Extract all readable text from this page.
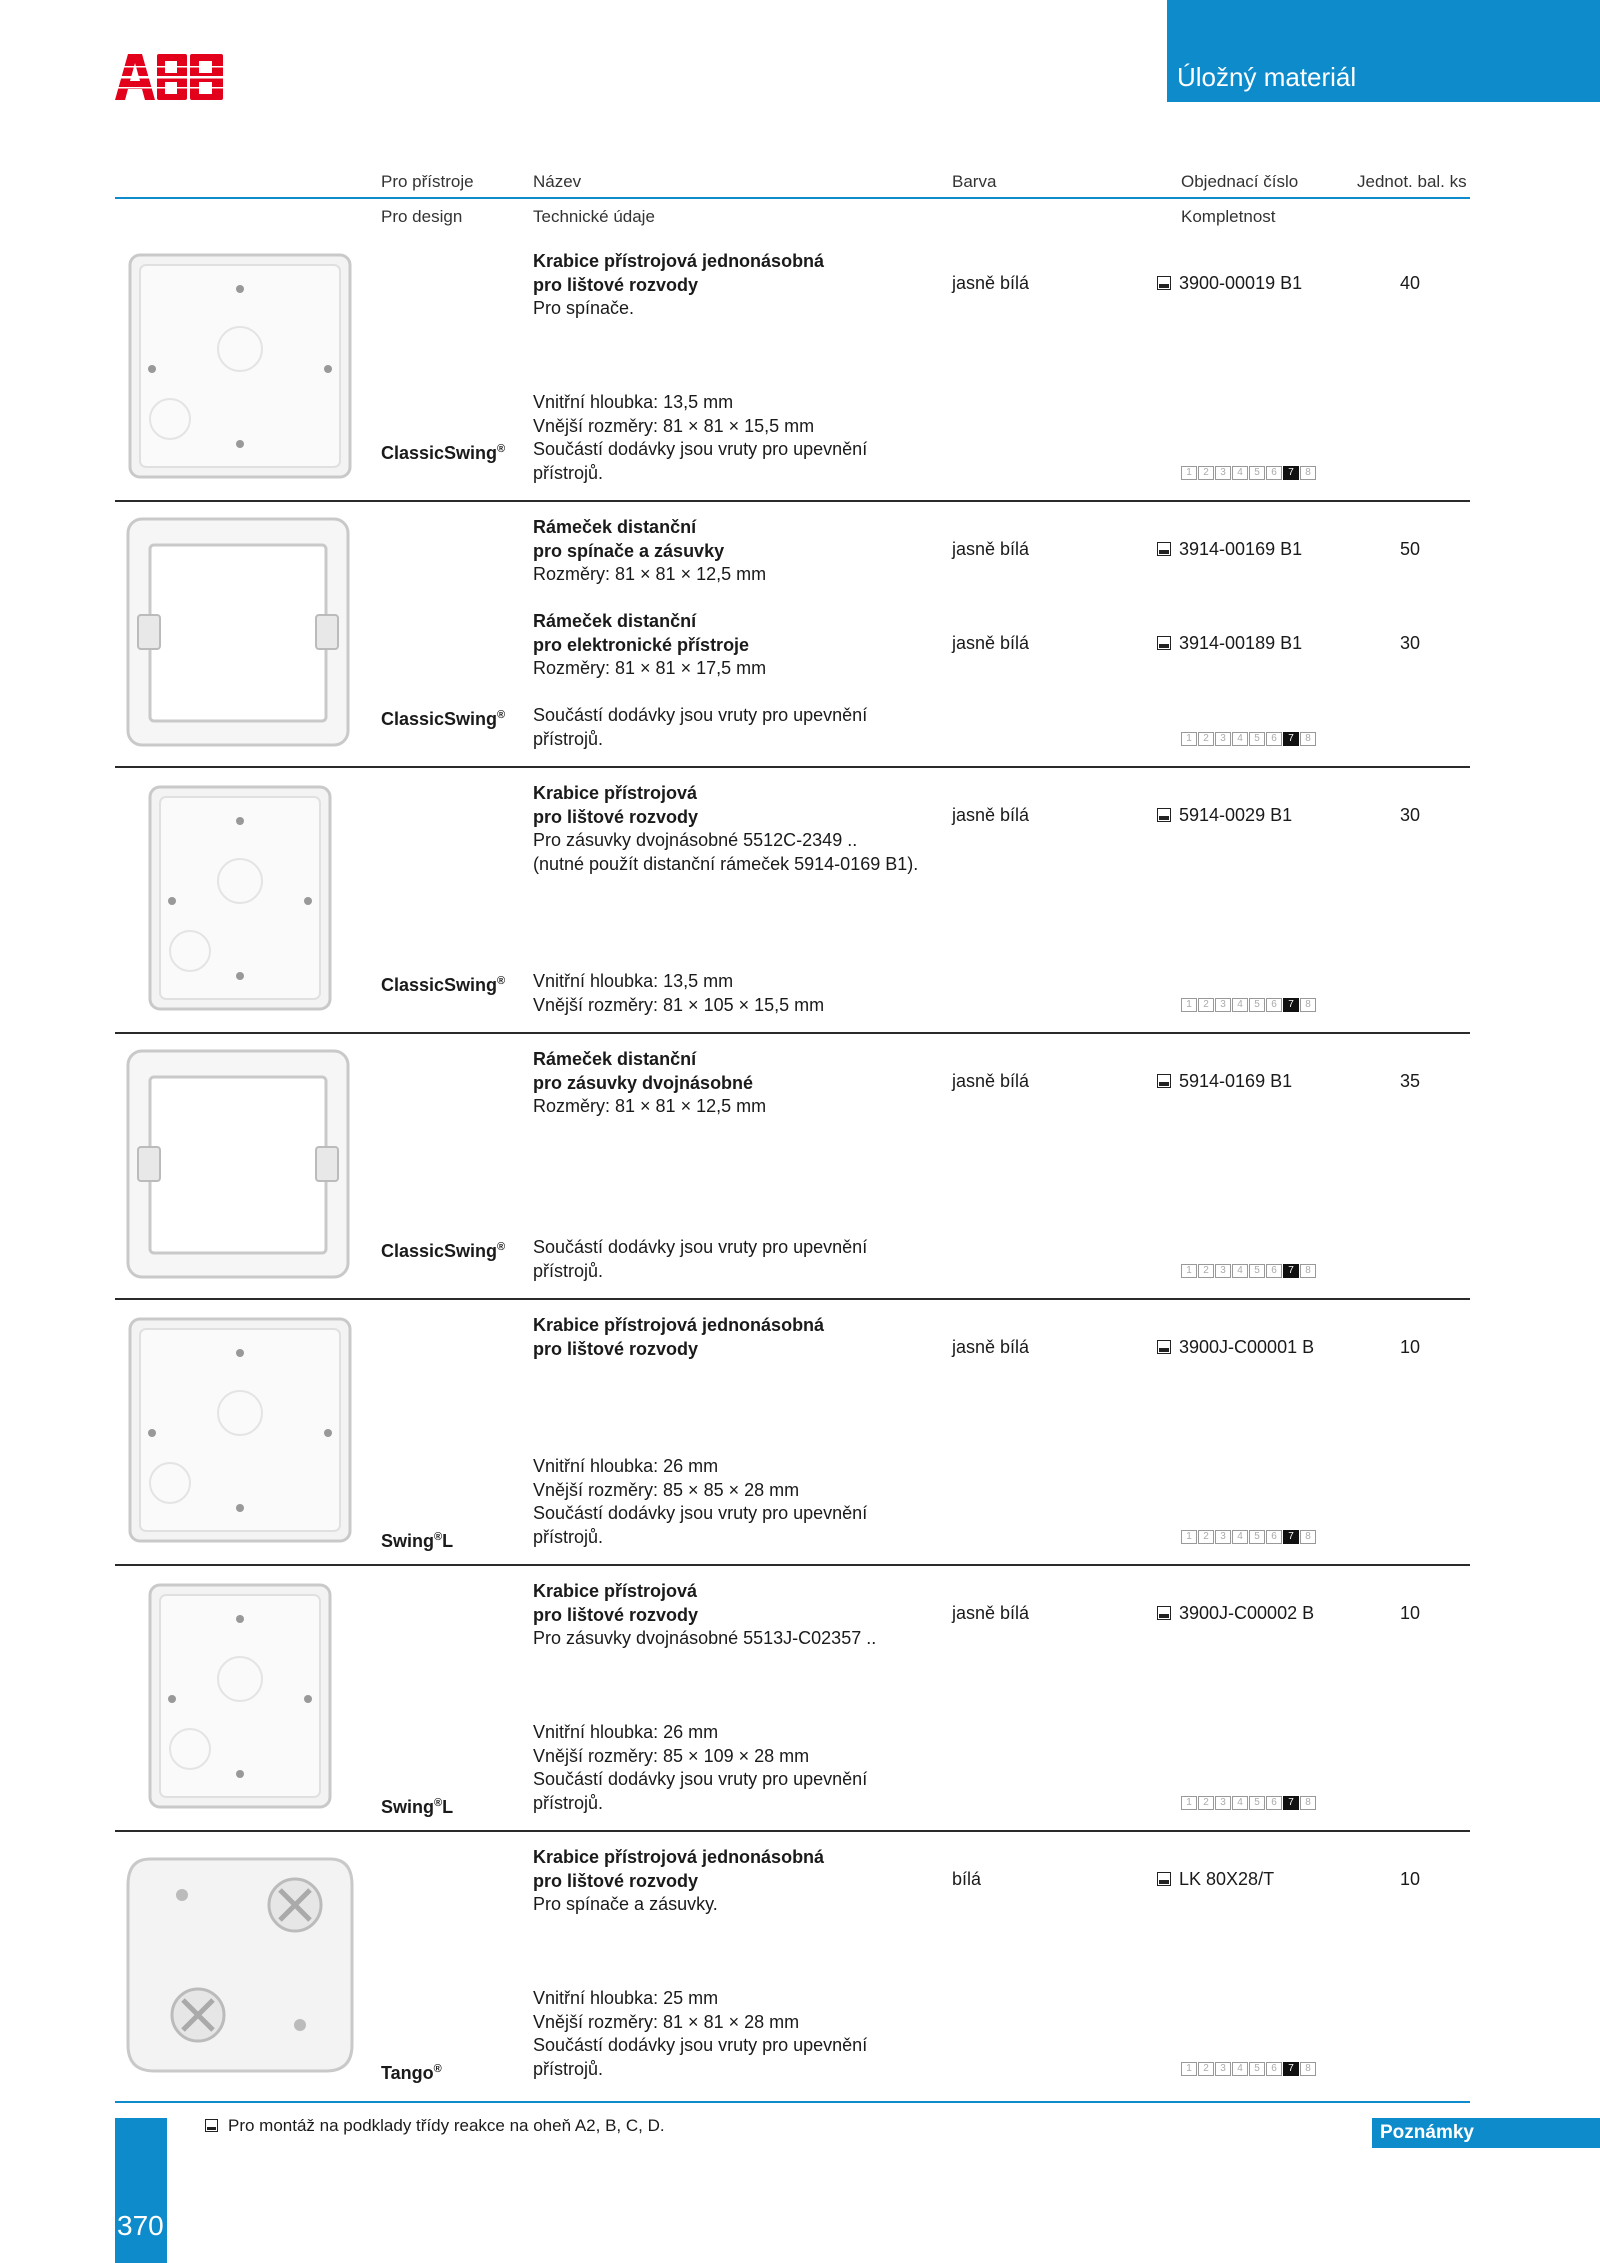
Úložný materiál
Pro přístroje	Název	Barva	Objednací číslo	Jednot. bal. ks
Pro design	Technické údaje	Kompletnost
Krabice přístrojová jednonásobná
pro lištové rozvody
Pro spínače.
jasně bílá	3900-00019 B1	40
Vnitřní hloubka: 13,5 mm
Vnější rozměry: 81 × 81 × 15,5 mm
Součástí dodávky jsou vruty pro upevnění
přístrojů.
ClassicSwing®
1	2	3	4	5	6	7	8
Rámeček distanční
pro spínače a zásuvky
Rozměry: 81 × 81 × 12,5 mm
jasně bílá	3914-00169 B1	50
Rámeček distanční
pro elektronické přístroje
Rozměry: 81 × 81 × 17,5 mm
jasně bílá	3914-00189 B1	30
Součástí dodávky jsou vruty pro upevnění
přístrojů.
ClassicSwing®
1	2	3	4	5	6	7	8
Krabice přístrojová
pro lištové rozvody
Pro zásuvky dvojnásobné 5512C-2349 ..
(nutné použít distanční rámeček 5914-0169 B1).
jasně bílá	5914-0029 B1	30
Vnitřní hloubka: 13,5 mm
Vnější rozměry: 81 × 105 × 15,5 mm
ClassicSwing®
1	2	3	4	5	6	7	8
Rámeček distanční
pro zásuvky dvojnásobné
Rozměry: 81 × 81 × 12,5 mm
jasně bílá	5914-0169 B1	35
Součástí dodávky jsou vruty pro upevnění
přístrojů.
ClassicSwing®
1	2	3	4	5	6	7	8
Krabice přístrojová jednonásobná
pro lištové rozvody	jasně bílá	3900J-C00001 B	10
Vnitřní hloubka: 26 mm
Vnější rozměry: 85 × 85 × 28 mm
Součástí dodávky jsou vruty pro upevnění
přístrojů.
Swing®L	1	2	3	4	5	6	7	8
Krabice přístrojová
pro lištové rozvody
Pro zásuvky dvojnásobné 5513J-C02357 ..
jasně bílá	3900J-C00002 B	10
Vnitřní hloubka: 26 mm
Vnější rozměry: 85 × 109 × 28 mm
Součástí dodávky jsou vruty pro upevnění
přístrojů.
Swing®L	1	2	3	4	5	6	7	8
Krabice přístrojová jednonásobná
pro lištové rozvody
Pro spínače a zásuvky.
bílá	LK 80X28/T	10
Vnitřní hloubka: 25 mm
Vnější rozměry: 81 × 81 × 28 mm
Součástí dodávky jsou vruty pro upevnění
přístrojů.
Tango®	1	2	3	4	5	6	7	8
370
Pro montáž na podklady třídy reakce na oheň A2, B, C, D.	Poznámky
